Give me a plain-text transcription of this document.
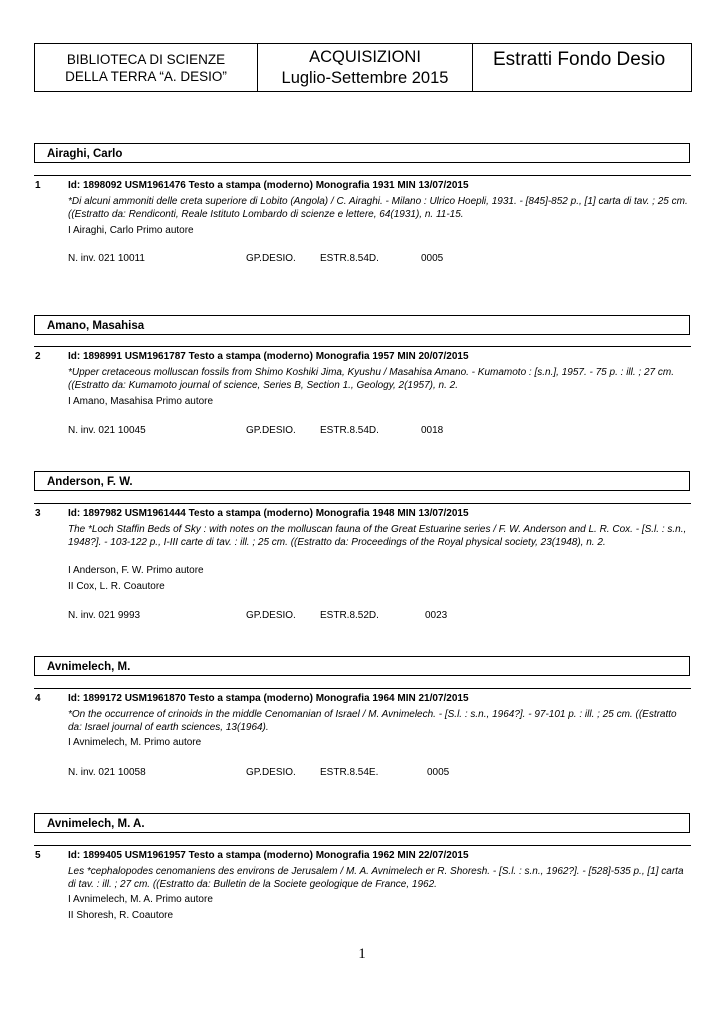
BIBLIOTECA DI SCIENZE
DELLA TERRA “A. DESIO”
ACQUISIZIONI
Luglio-Settembre 2015
Estratti Fondo Desio
Airaghi, Carlo
1	Id: 1898092 USM1961476 Testo a stampa (moderno) Monografia 1931 MIN 13/07/2015
*Di alcuni ammoniti delle creta superiore di Lobito (Angola) / C. Airaghi. - Milano : Ulrico Hoepli, 1931. - [845]-852 p., [1] carta di tav. ; 25 cm. ((Estratto da: Rendiconti, Reale Istituto Lombardo di scienze e lettere, 64(1931), n. 11-15.
I Airaghi, Carlo Primo autore
N. inv. 021 10011	GP.DESIO. ESTR.8.54D.	0005
Amano, Masahisa
2	Id: 1898991 USM1961787 Testo a stampa (moderno) Monografia 1957 MIN 20/07/2015
*Upper cretaceous molluscan fossils from Shimo Koshiki Jima, Kyushu / Masahisa Amano. - Kumamoto : [s.n.], 1957. - 75 p. : ill. ; 27 cm. ((Estratto da: Kumamoto journal of science, Series B, Section 1., Geology, 2(1957), n. 2.
I Amano, Masahisa Primo autore
N. inv. 021 10045	GP.DESIO. ESTR.8.54D.	0018
Anderson, F. W.
3	Id: 1897982 USM1961444 Testo a stampa (moderno) Monografia 1948 MIN 13/07/2015
The *Loch Staffin Beds of Sky : with notes on the molluscan fauna of the Great Estuarine series / F. W. Anderson and L. R. Cox. - [S.l. : s.n., 1948?]. - 103-122 p., I-III carte di tav. : ill. ; 25 cm. ((Estratto da: Proceedings of the Royal physical society, 23(1948), n. 2.
I Anderson, F. W. Primo autore
II Cox, L. R. Coautore
N. inv. 021 9993	GP.DESIO. ESTR.8.52D.	0023
Avnimelech, M.
4	Id: 1899172 USM1961870 Testo a stampa (moderno) Monografia 1964 MIN 21/07/2015
*On the occurrence of crinoids in the middle Cenomanian of Israel / M. Avnimelech. - [S.l. : s.n., 1964?]. - 97-101 p. : ill. ; 25 cm. ((Estratto da: Israel journal of earth sciences, 13(1964).
I Avnimelech, M. Primo autore
N. inv. 021 10058	GP.DESIO. ESTR.8.54E.	0005
Avnimelech, M. A.
5	Id: 1899405 USM1961957 Testo a stampa (moderno) Monografia 1962 MIN 22/07/2015
Les *cephalopodes cenomaniens des environs de Jerusalem / M. A. Avnimelech er R. Shoresh. - [S.l. : s.n., 1962?]. - [528]-535 p., [1] carta di tav. : ill. ; 27 cm. ((Estratto da: Bulletin de la Societe geologique de France, 1962.
I Avnimelech, M. A. Primo autore
II Shoresh, R. Coautore
1
